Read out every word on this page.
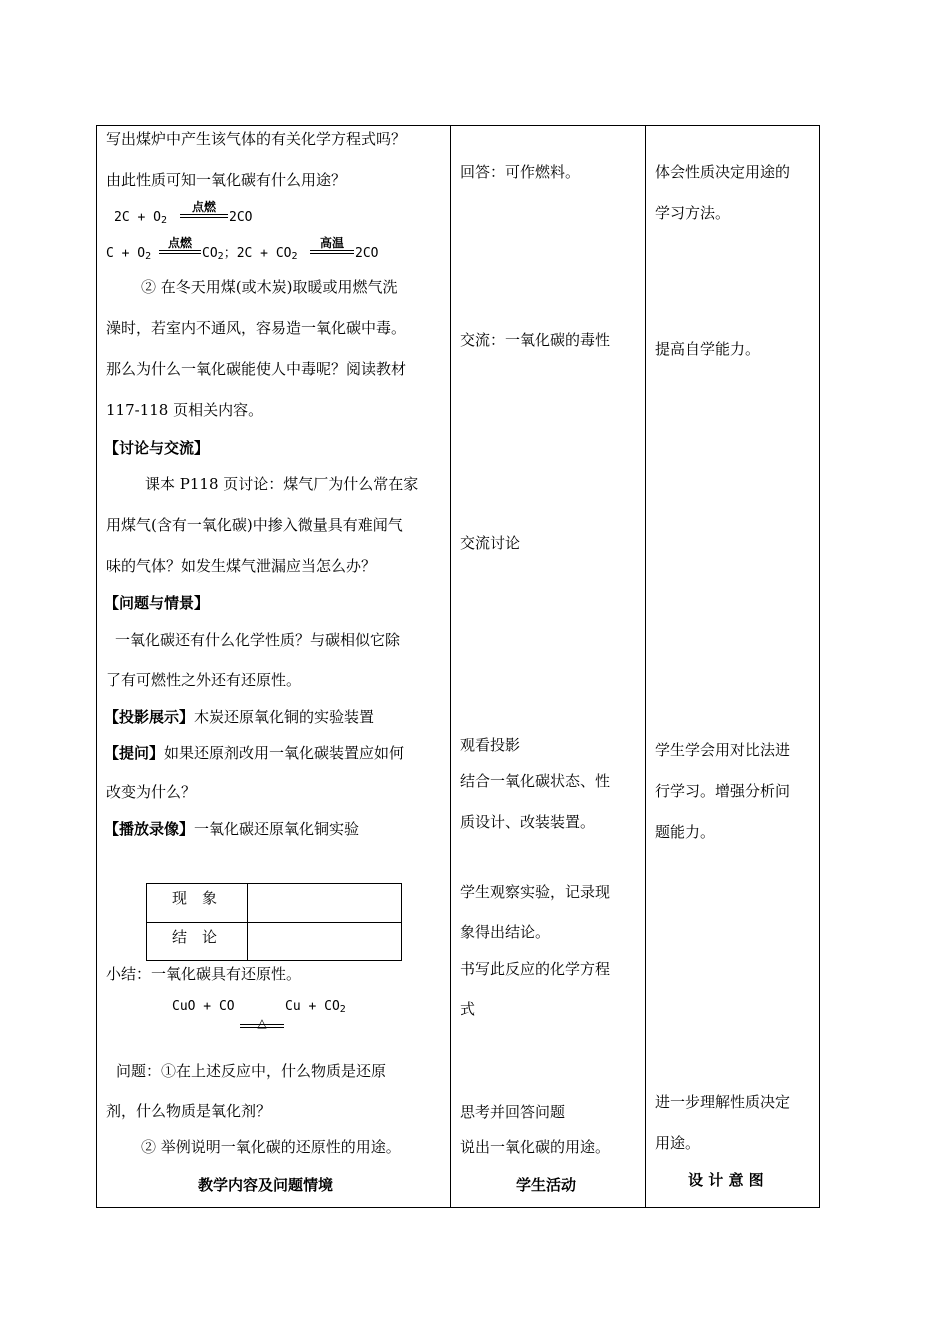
写出煤炉中产生该气体的有关化学方程式吗？
由此性质可知一氧化碳有什么用途？
2C + O2
点燃
2CO
C + O2
点燃
CO2；2C + CO2
高温
2CO
② 在冬天用煤(或木炭)取暖或用燃气洗
澡时，若室内不通风，容易造一氧化碳中毒。
那么为什么一氧化碳能使人中毒呢？阅读教材
117-118 页相关内容。
【讨论与交流】
课本 P118 页讨论：煤气厂为什么常在家
用煤气(含有一氧化碳)中掺入微量具有难闻气
味的气体？如发生煤气泄漏应当怎么办？
【问题与情景】
一氧化碳还有什么化学性质？与碳相似它除
了有可燃性之外还有还原性。
【投影展示】木炭还原氧化铜的实验装置
【提问】如果还原剂改用一氧化碳装置应如何
改变为什么？
【播放录像】一氧化碳还原氧化铜实验
现　象
结　论
小结：一氧化碳具有还原性。
CuO + CO	Cu + CO2
△
问题：①在上述反应中，什么物质是还原
剂，什么物质是氧化剂？
② 举例说明一氧化碳的还原性的用途。
教学内容及问题情境
回答：可作燃料。
交流：一氧化碳的毒性
交流讨论
观看投影
结合一氧化碳状态、性
质设计、改装装置。
学生观察实验，记录现
象得出结论。
书写此反应的化学方程
式
思考并回答问题
说出一氧化碳的用途。
学生活动
体会性质决定用途的
学习方法。
提高自学能力。
学生学会用对比法进
行学习。增强分析问
题能力。
进一步理解性质决定
用途。
设 计 意 图
